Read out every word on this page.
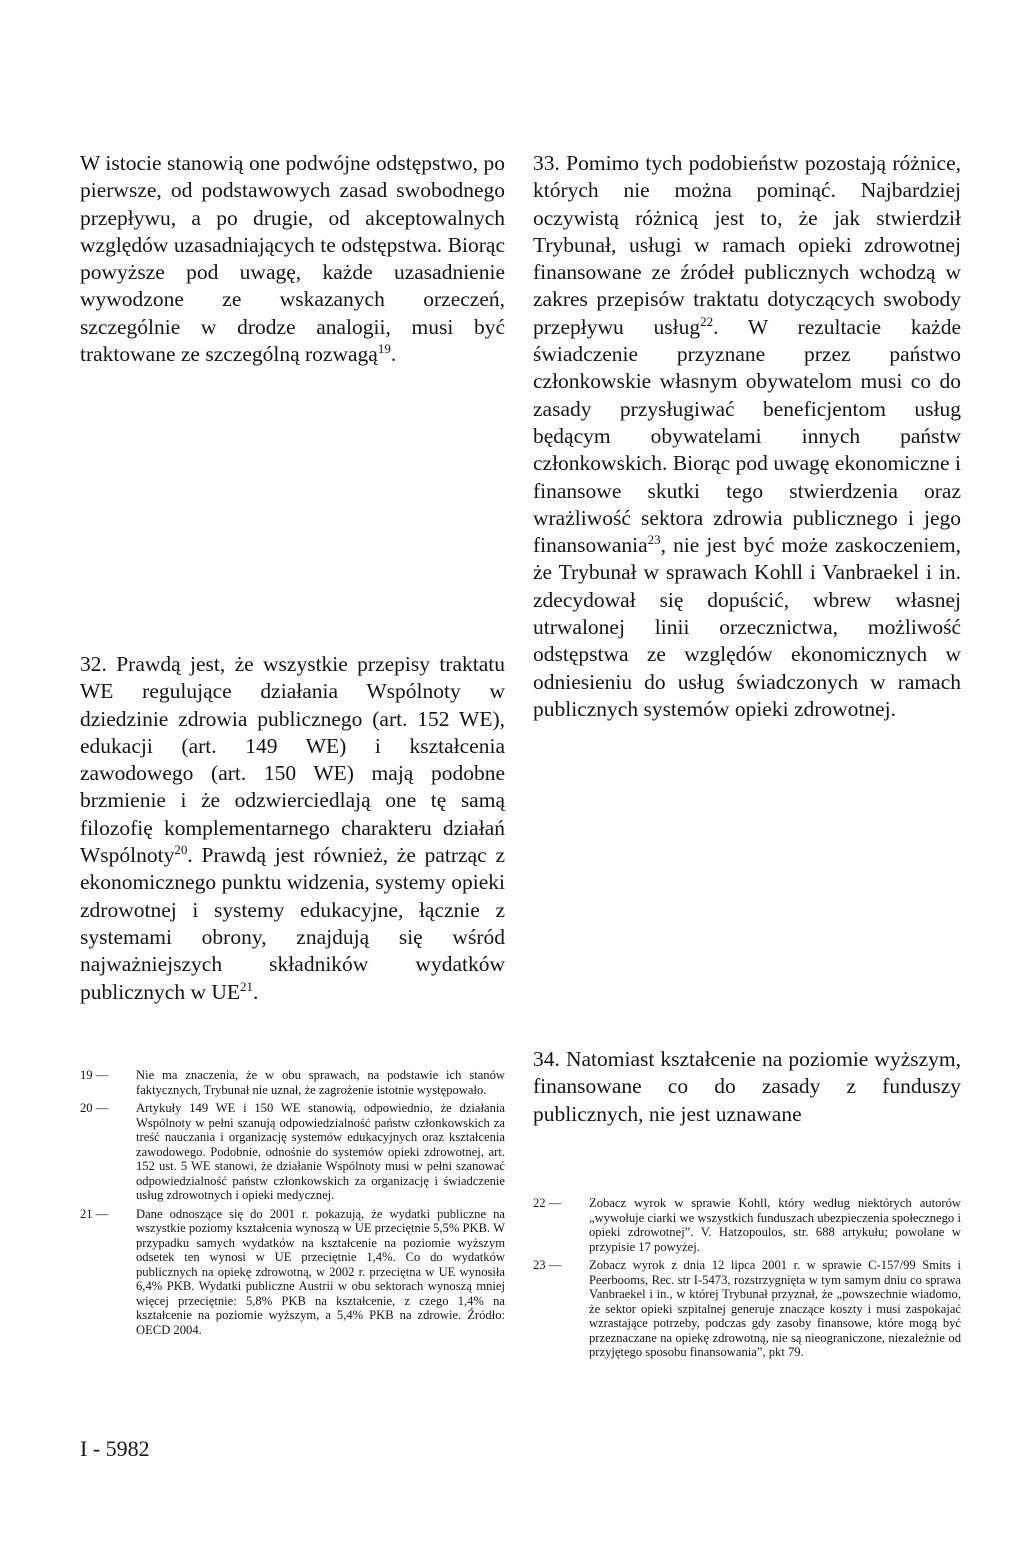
W istocie stanowią one podwójne odstępstwo, po pierwsze, od podstawowych zasad swobodnego przepływu, a po drugie, od akceptowalnych względów uzasadniających te odstępstwa. Biorąc powyższe pod uwagę, każde uzasadnienie wywodzone ze wskazanych orzeczeń, szczególnie w drodze analogii, musi być traktowane ze szczególną rozwagą$^{19}$.

32. Prawdą jest, że wszystkie przepisy traktatu WE regulujące działania Wspólnoty w dziedzinie zdrowia publicznego (art. 152 WE), edukacji (art. 149 WE) i kształcenia zawodowego (art. 150 WE) mają podobne brzmienie i że odzwierciedlają one tę samą filozofię komplementarnego charakteru działań Wspólnoty$^{20}$. Prawdą jest również, że patrząc z ekonomicznego punktu widzenia, systemy opieki zdrowotnej i systemy edukacyjne, łącznie z systemami obrony, znajdują się wśród najważniejszych składników wydatków publicznych w UE$^{21}$.

33. Pomimo tych podobieństw pozostają różnice, których nie można pominąć. Najbardziej oczywistą różnicą jest to, że jak stwierdził Trybunał, usługi w ramach opieki zdrowotnej finansowane ze źródeł publicznych wchodzą w zakres przepisów traktatu dotyczących swobody przepływu usług$^{22}$. W rezultacie każde świadczenie przyznane przez państwo członkowskie własnym obywatelom musi co do zasady przysługiwać beneficjentom usług będącym obywatelami innych państw członkowskich. Biorąc pod uwagę ekonomiczne i finansowe skutki tego stwierdzenia oraz wrażliwość sektora zdrowia publicznego i jego finansowania$^{23}$, nie jest być może zaskoczeniem, że Trybunał w sprawach Kohll i Vanbraekel i in. zdecydował się dopuścić, wbrew własnej utrwalonej linii orzecznictwa, możliwość odstępstwa ze względów ekonomicznych w odniesieniu do usług świadczonych w ramach publicznych systemów opieki zdrowotnej.

34. Natomiast kształcenie na poziomie wyższym, finansowane co do zasady z funduszy publicznych, nie jest uznawane

19 —	Nie ma znaczenia, że w obu sprawach, na podstawie ich stanów faktycznych, Trybunał nie uznał, że zagrożenie istotnie występowało.
20 —	Artykuły 149 WE i 150 WE stanowią, odpowiednio, że działania Wspólnoty w pełni szanują odpowiedzialność państw członkowskich za treść nauczania i organizację systemów edukacyjnych oraz kształcenia zawodowego. Podobnie, odnośnie do systemów opieki zdrowotnej, art. 152 ust. 5 WE stanowi, że działanie Wspólnoty musi w pełni szanować odpowiedzialność państw członkowskich za organizację i świadczenie usług zdrowotnych i opieki medycznej.
21 —	Dane odnoszące się do 2001 r. pokazują, że wydatki publiczne na wszystkie poziomy kształcenia wynoszą w UE przeciętnie 5,5% PKB. W przypadku samych wydatków na kształcenie na poziomie wyższym odsetek ten wynosi w UE przeciętnie 1,4%. Co do wydatków publicznych na opiekę zdrowotną, w 2002 r. przeciętna w UE wynosiła 6,4% PKB. Wydatki publiczne Austrii w obu sektorach wynoszą mniej więcej przeciętnie: 5,8% PKB na kształcenie, z czego 1,4% na kształcenie na poziomie wyższym, a 5,4% PKB na zdrowie. Źródło: OECD 2004.
22 —	Zobacz wyrok w sprawie Kohll, który według niektórych autorów „wywołuje ciarki we wszystkich funduszach ubezpieczenia społecznego i opieki zdrowotnej”. V. Hatzopoulos, str. 688 artykułu; powołane w przypisie 17 powyżej.
23 —	Zobacz wyrok z dnia 12 lipca 2001 r. w sprawie C-157/99 Smits i Peerbooms, Rec. str I-5473, rozstrzygnięta w tym samym dniu co sprawa Vanbraekel i in., w której Trybunał przyznał, że „powszechnie wiadomo, że sektor opieki szpitalnej generuje znaczące koszty i musi zaspokajać wzrastające potrzeby, podczas gdy zasoby finansowe, które mogą być przeznaczane na opiekę zdrowotną, nie są nieograniczone, niezależnie od przyjętego sposobu finansowania”, pkt 79.

I - 5982
